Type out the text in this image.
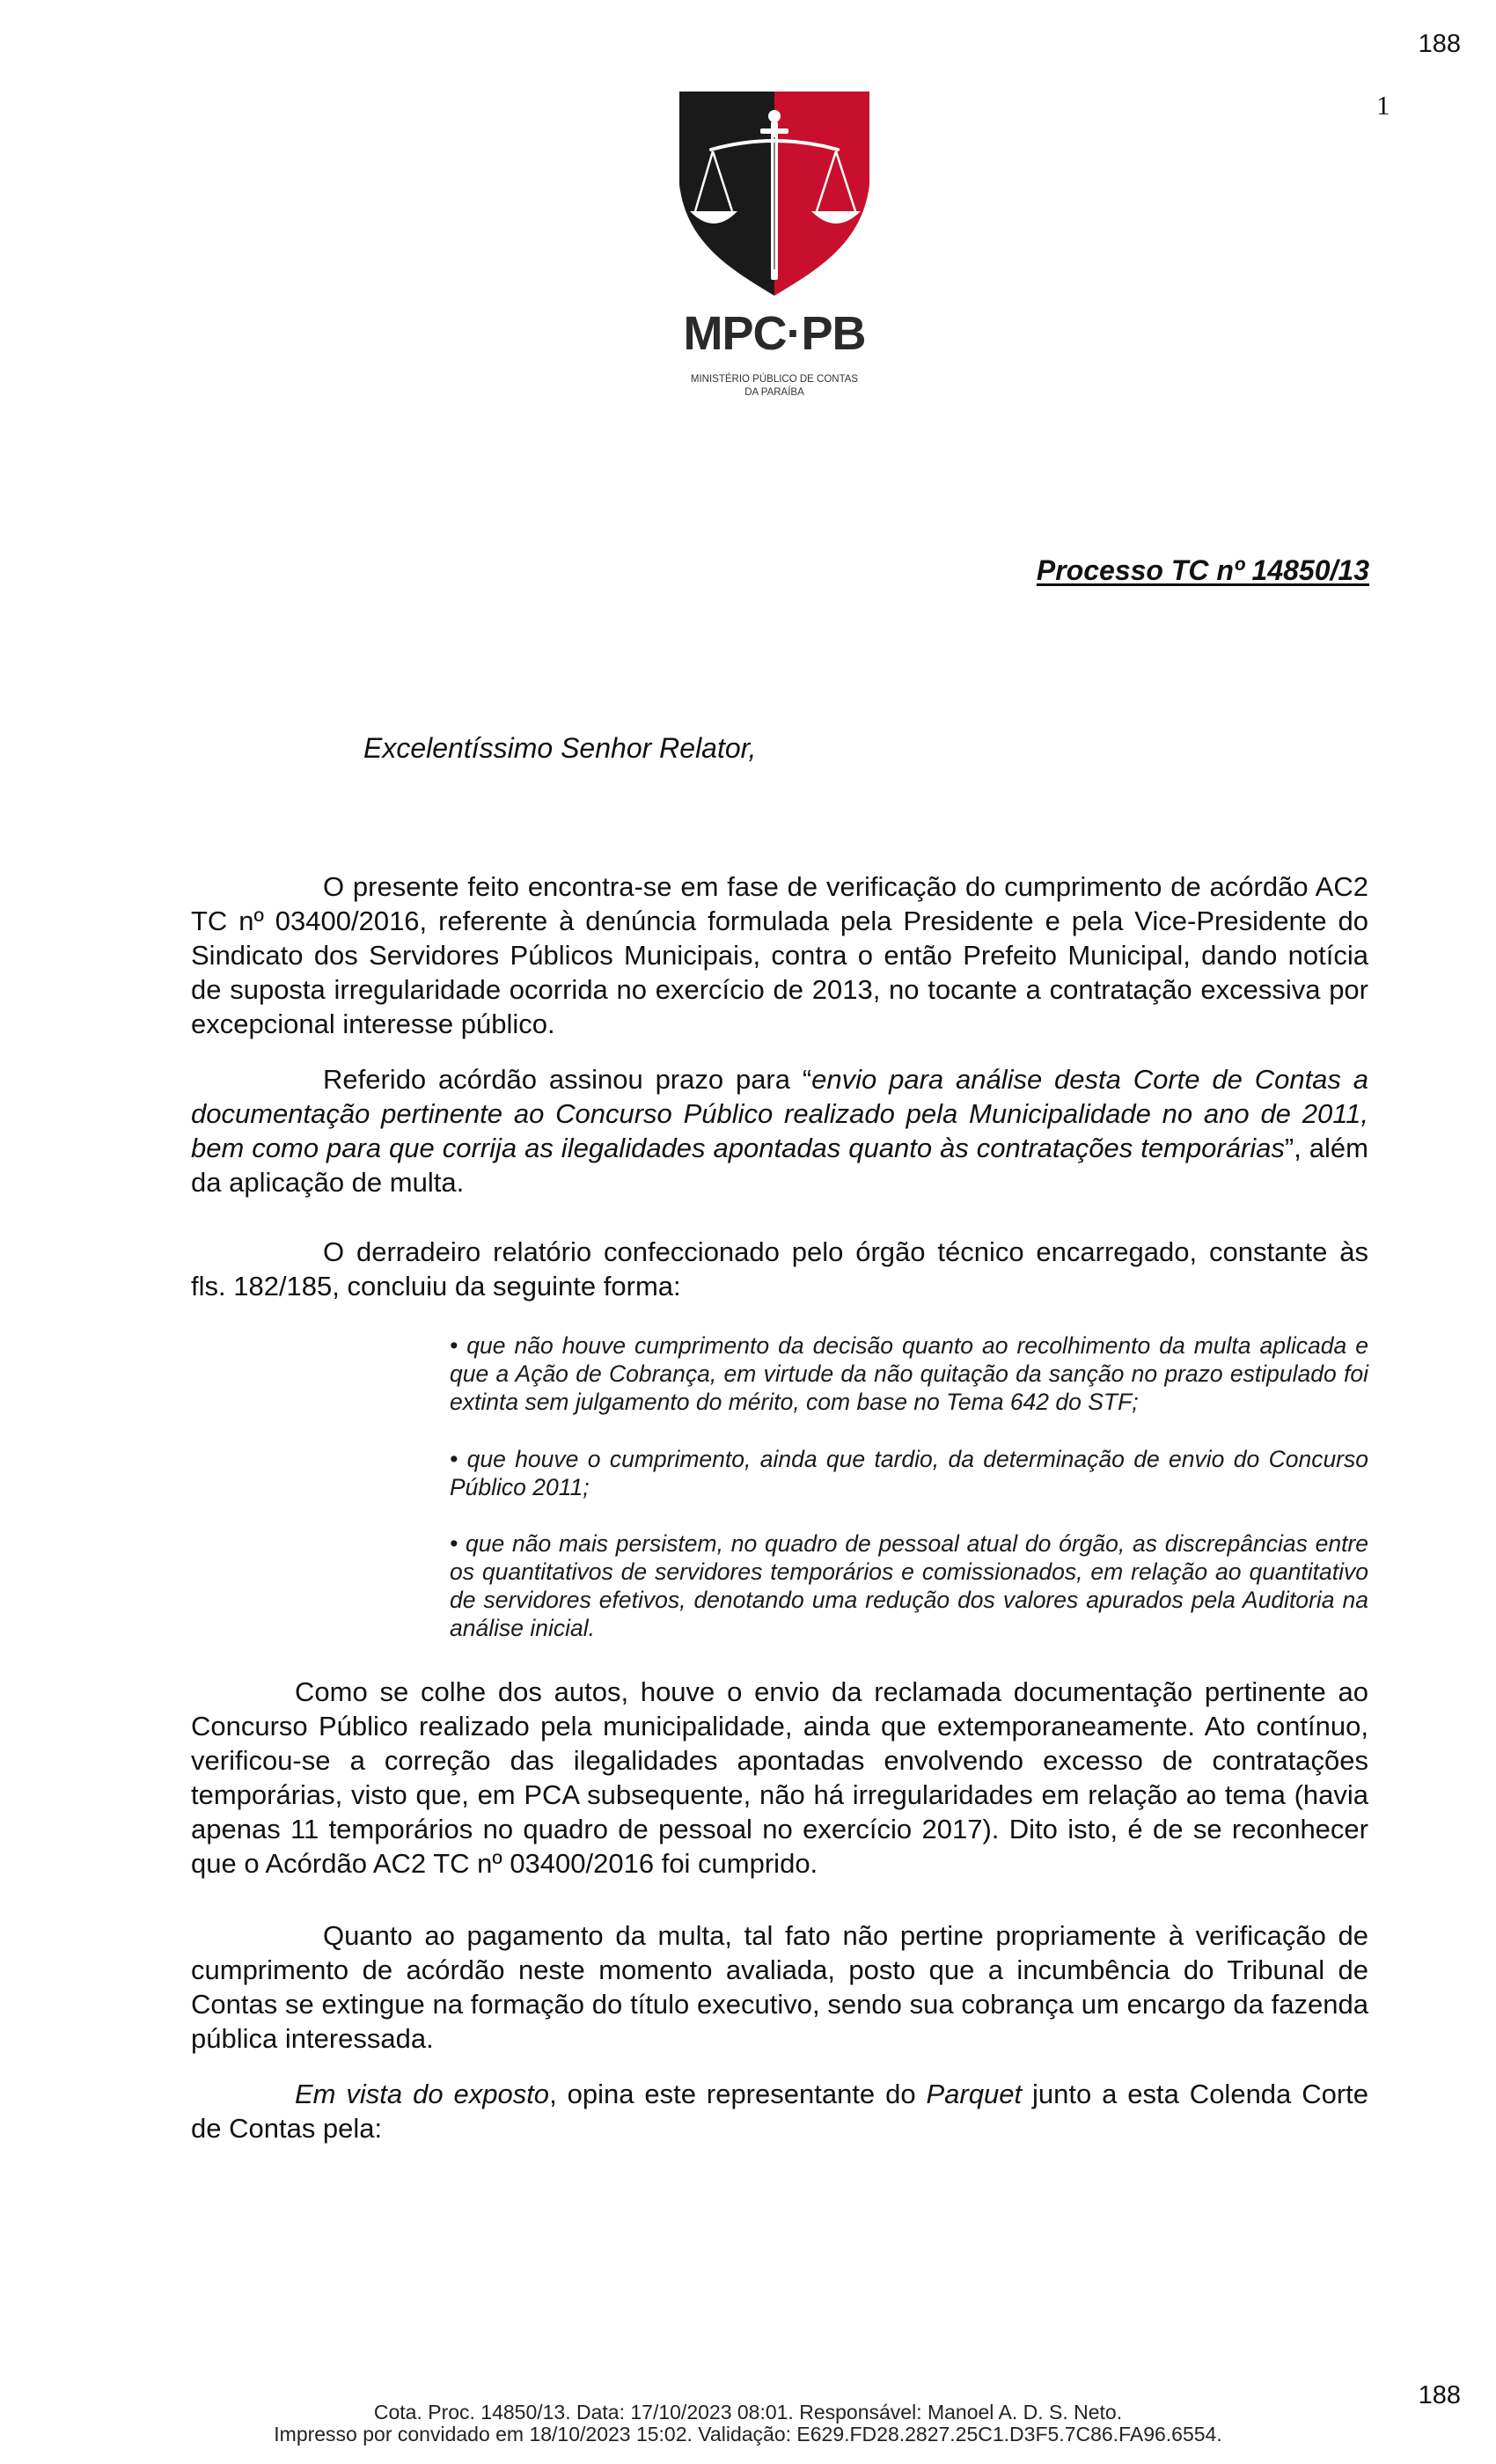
188
1
MPC·PB
MINISTÉRIO PÚBLICO DE CONTAS
DA PARAÍBA
Processo TC nº 14850/13
Excelentíssimo Senhor Relator,
O presente feito encontra-se em fase de verificação do cumprimento de acórdão AC2 TC nº 03400/2016, referente à denúncia formulada pela Presidente e pela Vice-Presidente do Sindicato dos Servidores Públicos Municipais, contra o então Prefeito Municipal, dando notícia de suposta irregularidade ocorrida no exercício de 2013, no tocante a contratação excessiva por excepcional interesse público.
Referido acórdão assinou prazo para “envio para análise desta Corte de Contas a documentação pertinente ao Concurso Público realizado pela Municipalidade no ano de 2011, bem como para que corrija as ilegalidades apontadas quanto às contratações temporárias”, além da aplicação de multa.
O derradeiro relatório confeccionado pelo órgão técnico encarregado, constante às fls. 182/185, concluiu da seguinte forma:
• que não houve cumprimento da decisão quanto ao recolhimento da multa aplicada e que a Ação de Cobrança, em virtude da não quitação da sanção no prazo estipulado foi extinta sem julgamento do mérito, com base no Tema 642 do STF;
• que houve o cumprimento, ainda que tardio, da determinação de envio do Concurso Público 2011;
• que não mais persistem, no quadro de pessoal atual do órgão, as discrepâncias entre os quantitativos de servidores temporários e comissionados, em relação ao quantitativo de servidores efetivos, denotando uma redução dos valores apurados pela Auditoria na análise inicial.
Como se colhe dos autos, houve o envio da reclamada documentação pertinente ao Concurso Público realizado pela municipalidade, ainda que extemporaneamente. Ato contínuo, verificou-se a correção das ilegalidades apontadas envolvendo excesso de contratações temporárias, visto que, em PCA subsequente, não há irregularidades em relação ao tema (havia apenas 11 temporários no quadro de pessoal no exercício 2017). Dito isto, é de se reconhecer que o Acórdão AC2 TC nº 03400/2016 foi cumprido.
Quanto ao pagamento da multa, tal fato não pertine propriamente à verificação de cumprimento de acórdão neste momento avaliada, posto que a incumbência do Tribunal de Contas se extingue na formação do título executivo, sendo sua cobrança um encargo da fazenda pública interessada.
Em vista do exposto, opina este representante do Parquet junto a esta Colenda Corte de Contas pela:
188
Cota. Proc. 14850/13. Data: 17/10/2023 08:01. Responsável: Manoel A. D. S. Neto.
Impresso por convidado em 18/10/2023 15:02. Validação: E629.FD28.2827.25C1.D3F5.7C86.FA96.6554.
